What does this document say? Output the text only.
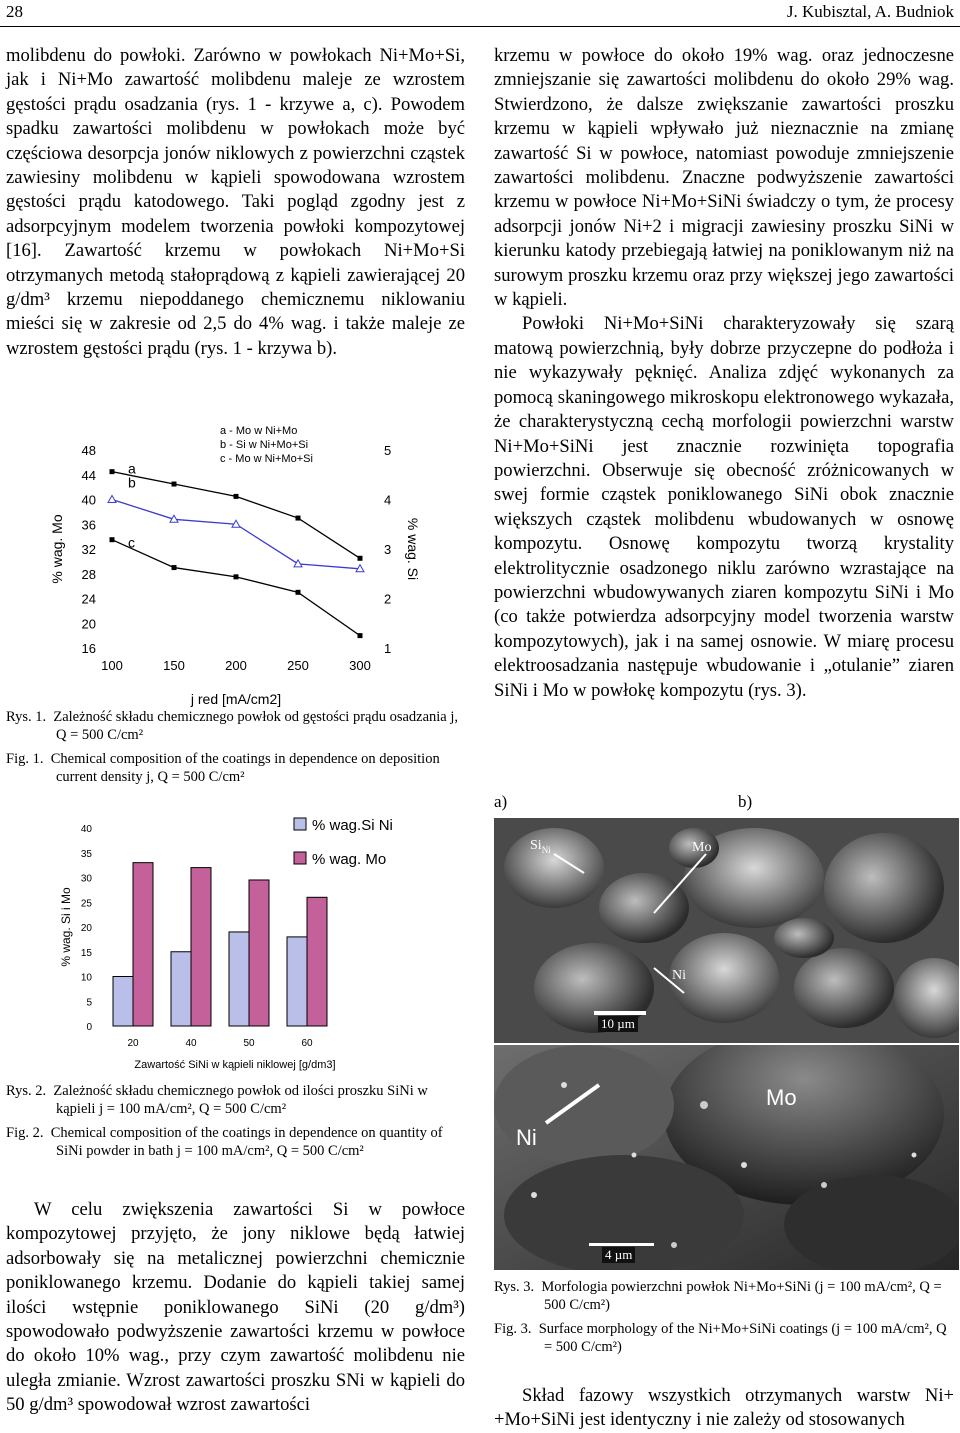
28	J. Kubisztal, A. Budniok

molibdenu do powłoki. Zarówno w powłokach Ni+Mo+Si, jak i Ni+Mo zawartość molibdenu maleje ze wzrostem gęstości prądu osadzania (rys. 1 - krzywe a, c). Powodem spadku zawartości molibdenu w powłokach może być częściowa desorpcja jonów niklowych z powierzchni cząstek zawiesiny molibdenu w kąpieli spowodowana wzrostem gęstości prądu katodowego. Taki pogląd zgodny jest z adsorpcyjnym modelem tworzenia powłoki kompozytowej [16]. Zawartość krzemu w powłokach Ni+Mo+Si otrzymanych metodą stałoprądową z kąpieli zawierającej 20 g/dm³ krzemu niepoddanego chemicznemu niklowaniu mieści się w zakresie od 2,5 do 4% wag. i także maleje ze wzrostem gęstości prądu (rys. 1 - krzywa b).

16
20
24
28
32
36
40
44
48
1
2
3
4
5
100	150	200	250	300
% wag. Mo	% wag. Si
j red [mA/cm2]
a - Mo w Ni+Mo
b - Si w Ni+Mo+Si
c - Mo w Ni+Mo+Si
a
b
c

Rys. 1. Zależność składu chemicznego powłok od gęstości prądu osadzania j, Q = 500 C/cm²

Fig. 1. Chemical composition of the coatings in dependence on deposition current density j, Q = 500 C/cm²

0
5
10
15
20
25
30
35
40
% wag. Si i Mo
20	40	50	60
Zawartość SiNi w kąpieli niklowej [g/dm3]
% wag.Si Ni
% wag. Mo

Rys. 2. Zależność składu chemicznego powłok od ilości proszku SiNi w kąpieli j = 100 mA/cm², Q = 500 C/cm²

Fig. 2. Chemical composition of the coatings in dependence on quantity of SiNi powder in bath j = 100 mA/cm², Q = 500 C/cm²

W celu zwiększenia zawartości Si w powłoce kompozytowej przyjęto, że jony niklowe będą łatwiej adsorbowały się na metalicznej powierzchni chemicznie poniklowanego krzemu. Dodanie do kąpieli takiej samej ilości wstępnie poniklowanego SiNi (20 g/dm³) spowodowało podwyższenie zawartości krzemu w powłoce do około 10% wag., przy czym zawartość molibdenu nie uległa zmianie. Wzrost zawartości proszku SNi w kąpieli do 50 g/dm³ spowodował wzrost zawartości

krzemu w powłoce do około 19% wag. oraz jednoczesne zmniejszanie się zawartości molibdenu do około 29% wag. Stwierdzono, że dalsze zwiększanie zawartości proszku krzemu w kąpieli wpływało już nieznacznie na zmianę zawartość Si w powłoce, natomiast powoduje zmniejszenie zawartości molibdenu. Znaczne podwyższenie zawartości krzemu w powłoce Ni+Mo+SiNi świadczy o tym, że procesy adsorpcji jonów Ni+2 i migracji zawiesiny proszku SiNi w kierunku katody przebiegają łatwiej na poniklowanym niż na surowym proszku krzemu oraz przy większej jego zawartości w kąpieli.

Powłoki Ni+Mo+SiNi charakteryzowały się szarą matową powierzchnią, były dobrze przyczepne do podłoża i nie wykazywały pęknięć. Analiza zdjęć wykonanych za pomocą skaningowego mikroskopu elektronowego wykazała, że charakterystyczną cechą morfologii powierzchni warstw Ni+Mo+SiNi jest znacznie rozwinięta topografia powierzchni. Obserwuje się obecność zróżnicowanych w swej formie cząstek poniklowanego SiNi obok znacznie większych cząstek molibdenu wbudowanych w osnowę kompozytu. Osnowę kompozytu tworzą krystality elektrolitycznie osadzonego niklu zarówno wzrastające na powierzchni wbudowywanych ziaren kompozytu SiNi i Mo (co także potwierdza adsorpcyjny model tworzenia warstw kompozytowych), jak i na samej osnowie. W miarę procesu elektroosadzania następuje wbudowanie i „otulanie” ziaren SiNi i Mo w powłokę kompozytu (rys. 3).

a)	b)
$Si_{Ni}$	Mo
Ni
10 µm
Ni
Mo
4 µm

Rys. 3. Morfologia powierzchni powłok Ni+Mo+SiNi (j = 100 mA/cm², Q = 500 C/cm²)

Fig. 3. Surface morphology of the Ni+Mo+SiNi coatings (j = 100 mA/cm², Q = 500 C/cm²)

Skład fazowy wszystkich otrzymanych warstw Ni+ +Mo+SiNi jest identyczny i nie zależy od stosowanych
